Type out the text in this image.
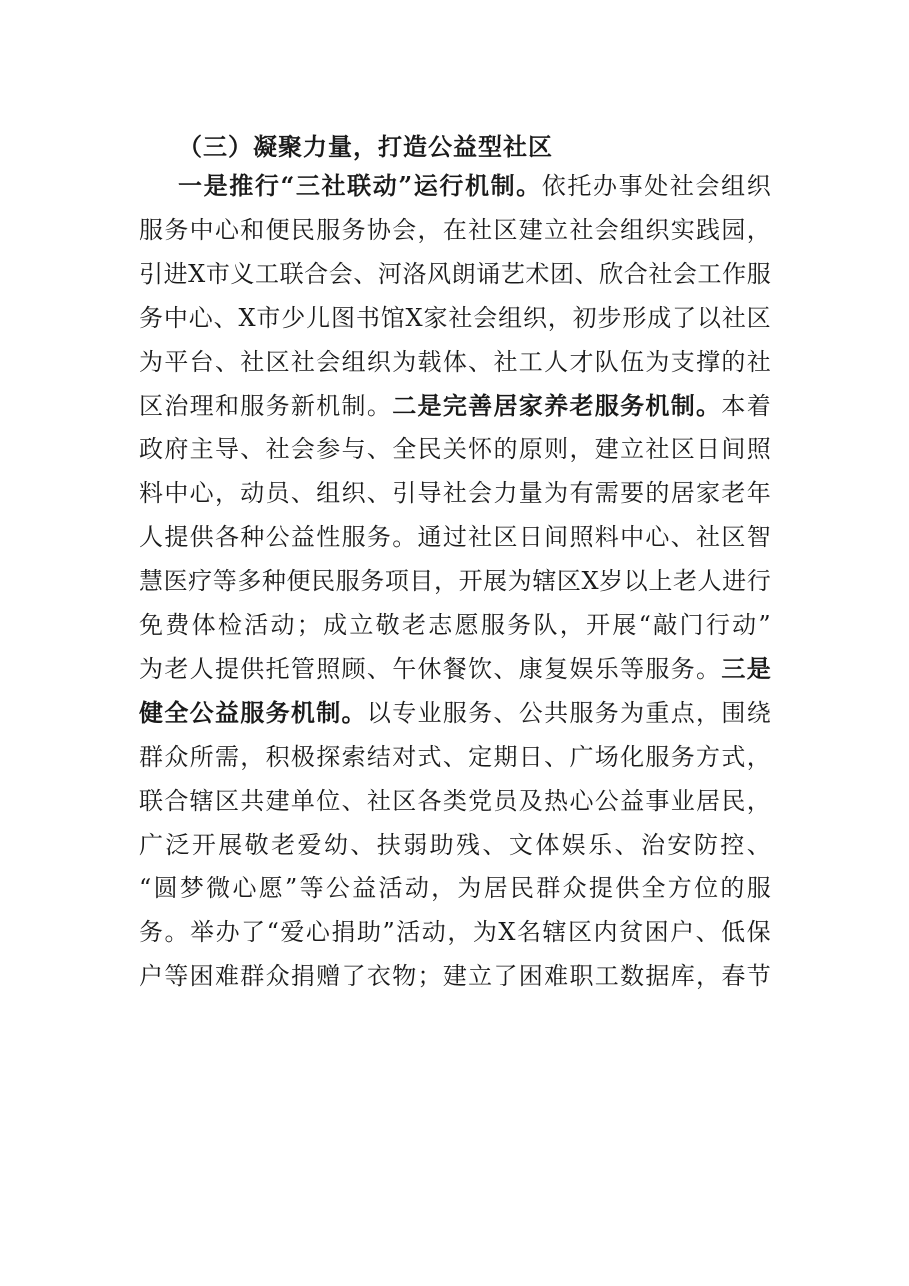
（三）凝聚力量，打造公益型社区
一是推行“三社联动”运行机制。依托办事处社会组织
服务中心和便民服务协会，在社区建立社会组织实践园，
引进X市义工联合会、河洛风朗诵艺术团、欣合社会工作服
务中心、X市少儿图书馆X家社会组织，初步形成了以社区
为平台、社区社会组织为载体、社工人才队伍为支撑的社
区治理和服务新机制。二是完善居家养老服务机制。本着
政府主导、社会参与、全民关怀的原则，建立社区日间照
料中心，动员、组织、引导社会力量为有需要的居家老年
人提供各种公益性服务。通过社区日间照料中心、社区智
慧医疗等多种便民服务项目，开展为辖区X岁以上老人进行
免费体检活动；成立敬老志愿服务队，开展“敲门行动”
为老人提供托管照顾、午休餐饮、康复娱乐等服务。三是
健全公益服务机制。以专业服务、公共服务为重点，围绕
群众所需，积极探索结对式、定期日、广场化服务方式，
联合辖区共建单位、社区各类党员及热心公益事业居民，
广泛开展敬老爱幼、扶弱助残、文体娱乐、治安防控、
“圆梦微心愿”等公益活动，为居民群众提供全方位的服
务。举办了“爱心捐助”活动，为X名辖区内贫困户、低保
户等困难群众捐赠了衣物；建立了困难职工数据库，春节
